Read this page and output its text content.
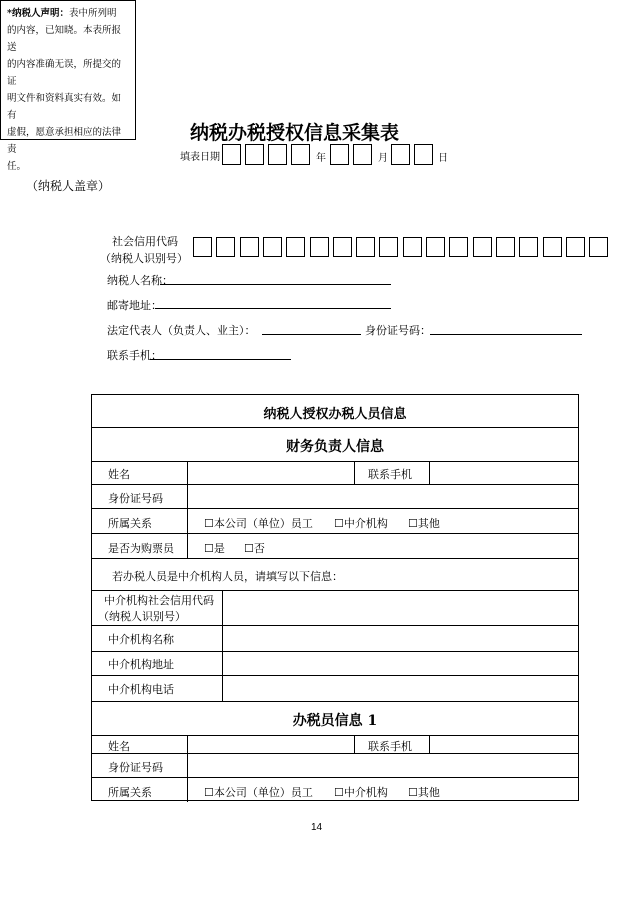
*纳税人声明：表中所列明
的内容，已知晓。本表所报送
的内容准确无误，所提交的证
明文件和资料真实有效。如有
虚假，愿意承担相应的法律责
任。
（纳税人盖章）
纳税办税授权信息采集表
填表日期	年	月	日
社会信用代码
（纳税人识别号）
纳税人名称：
邮寄地址：
法定代表人（负责人、业主）：	身份证号码：
联系手机：
纳税人授权办税人员信息
财务负责人信息
姓名	联系手机
身份证号码
所属关系	☐本公司（单位）员工 ☐中介机构 ☐其他
是否为购票员	☐是 ☐否
若办税人员是中介机构人员，请填写以下信息：
中介机构社会信用代码
（纳税人识别号）
中介机构名称
中介机构地址
中介机构电话
办税员信息 1
姓名	联系手机
身份证号码
所属关系	☐本公司（单位）员工 ☐中介机构 ☐其他
14
